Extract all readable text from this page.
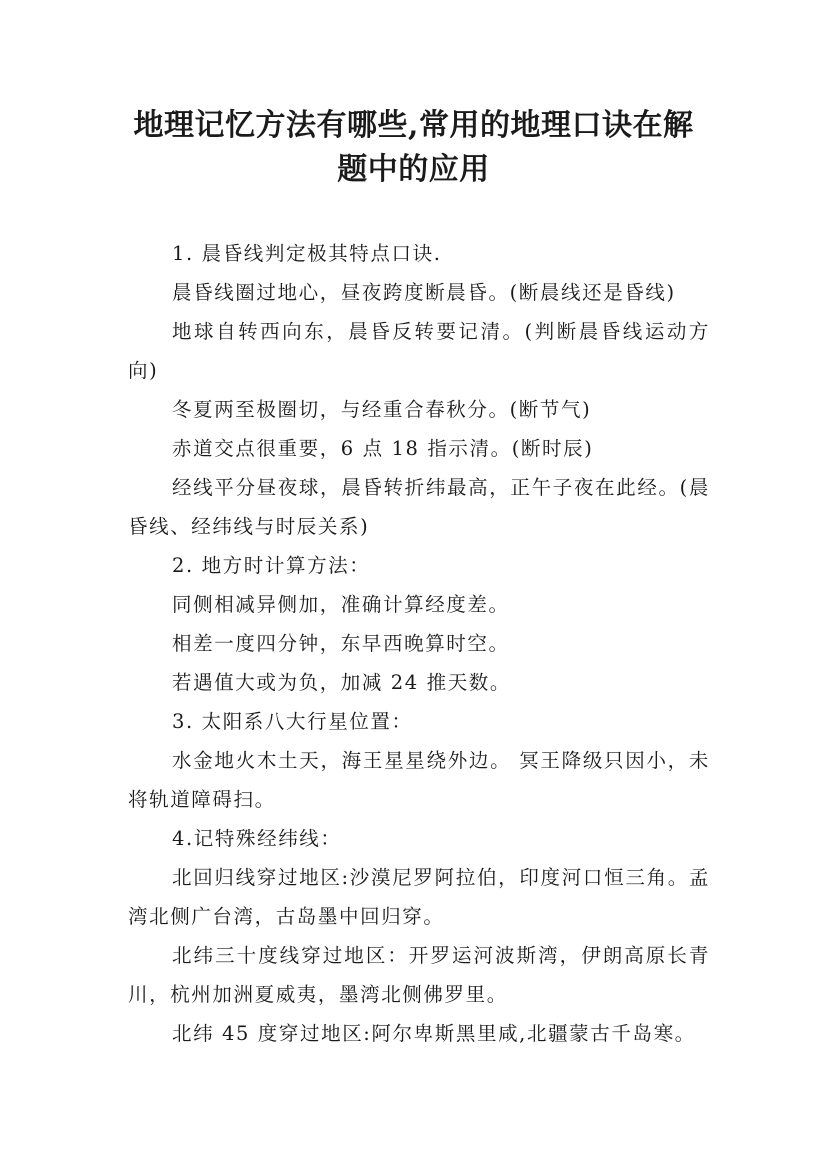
地理记忆方法有哪些,常用的地理口诀在解
题中的应用

1. 晨昏线判定极其特点口诀.

晨昏线圈过地心，昼夜跨度断晨昏。(断晨线还是昏线)

地球自转西向东，晨昏反转要记清。(判断晨昏线运动方向)

冬夏两至极圈切，与经重合春秋分。(断节气)

赤道交点很重要，6 点 18 指示清。(断时辰)

经线平分昼夜球，晨昏转折纬最高，正午子夜在此经。(晨昏线、经纬线与时辰关系)

2. 地方时计算方法：

同侧相减异侧加，准确计算经度差。

相差一度四分钟，东早西晚算时空。

若遇值大或为负，加减 24 推天数。

3. 太阳系八大行星位置：

水金地火木土天，海王星星绕外边。 冥王降级只因小，未将轨道障碍扫。

4.记特殊经纬线：

北回归线穿过地区:沙漠尼罗阿拉伯，印度河口恒三角。孟湾北侧广台湾，古岛墨中回归穿。

北纬三十度线穿过地区：开罗运河波斯湾，伊朗高原长青川，杭州加洲夏威夷，墨湾北侧佛罗里。

北纬 45 度穿过地区:阿尔卑斯黑里咸,北疆蒙古千岛寒。
